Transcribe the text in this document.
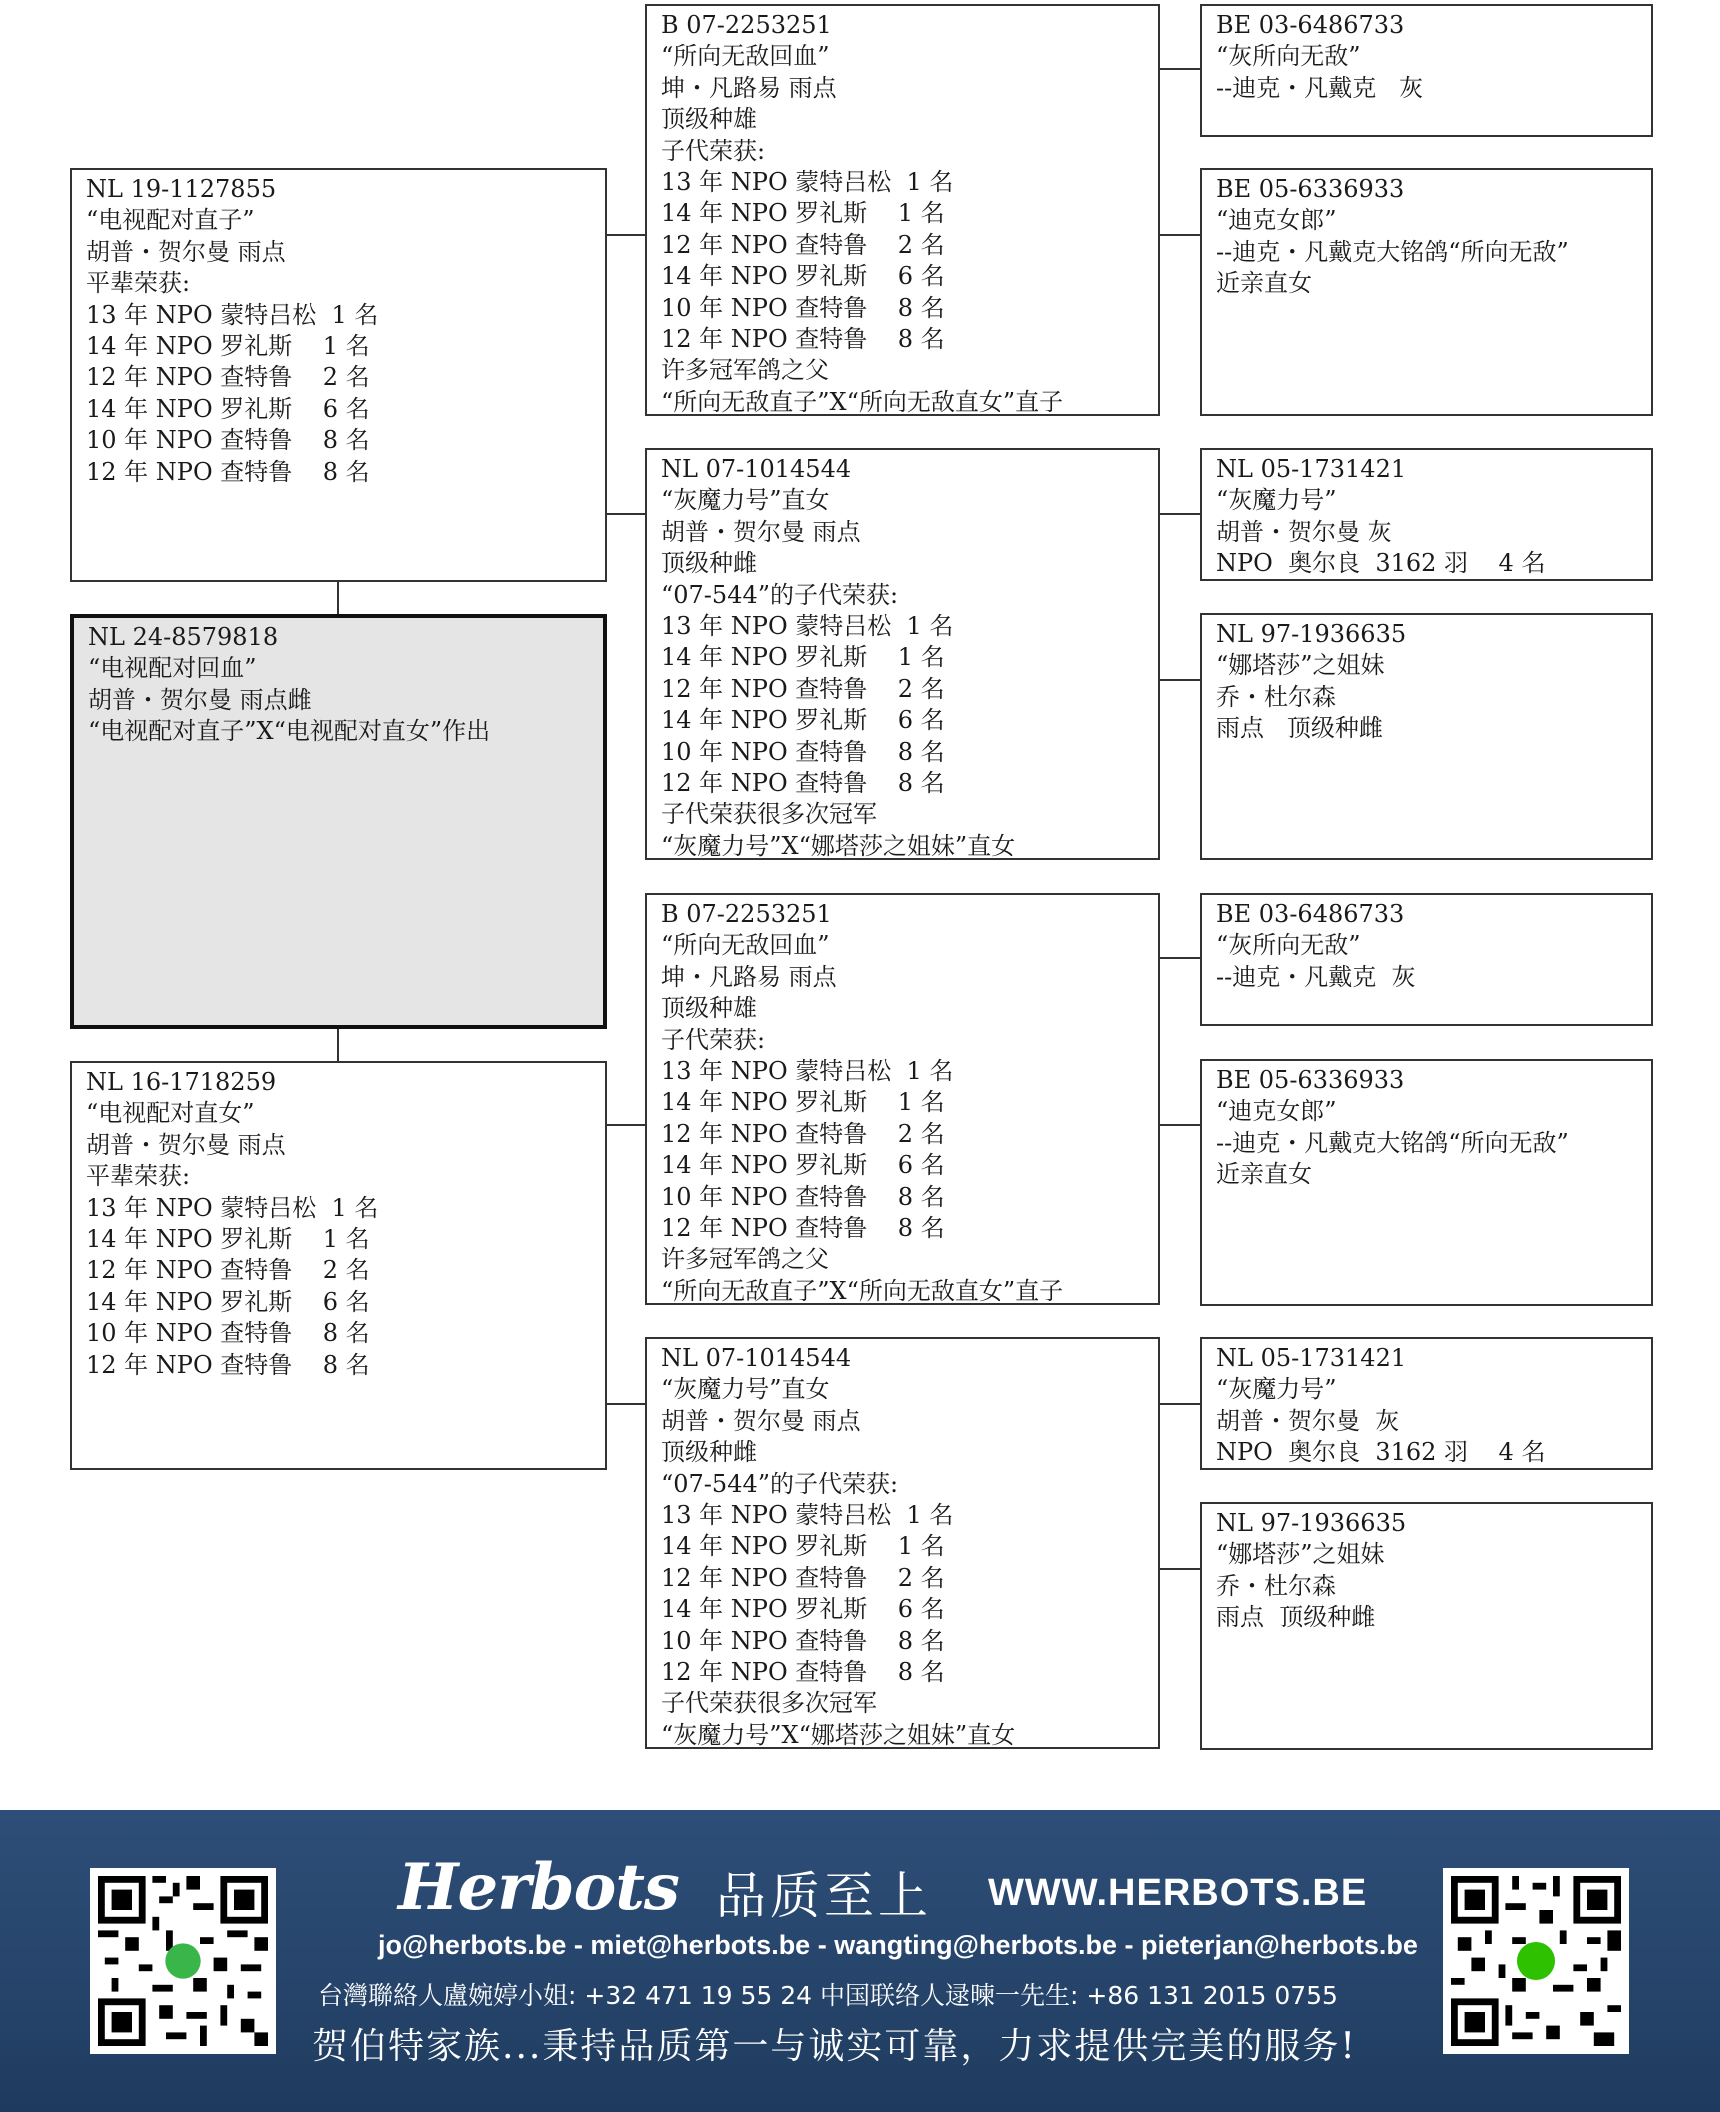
NL 24-8579818
“电视配对回血”
胡普・贺尔曼 雨点雌
“电视配对直子”X“电视配对直女”作出
NL 19-1127855
“电视配对直子”
胡普・贺尔曼 雨点
平辈荣获:
13 年 NPO 蒙特吕松  1 名
14 年 NPO 罗礼斯    1 名
12 年 NPO 查特鲁    2 名
14 年 NPO 罗礼斯    6 名
10 年 NPO 查特鲁    8 名
12 年 NPO 查特鲁    8 名
NL 16-1718259
“电视配对直女”
胡普・贺尔曼 雨点
平辈荣获:
13 年 NPO 蒙特吕松  1 名
14 年 NPO 罗礼斯    1 名
12 年 NPO 查特鲁    2 名
14 年 NPO 罗礼斯    6 名
10 年 NPO 查特鲁    8 名
12 年 NPO 查特鲁    8 名
B 07-2253251
“所向无敌回血”
坤・凡路易 雨点
顶级种雄
子代荣获:
13 年 NPO 蒙特吕松  1 名
14 年 NPO 罗礼斯    1 名
12 年 NPO 查特鲁    2 名
14 年 NPO 罗礼斯    6 名
10 年 NPO 查特鲁    8 名
12 年 NPO 查特鲁    8 名
许多冠军鸽之父
“所向无敌直子”X“所向无敌直女”直子
NL 07-1014544
“灰魔力号”直女
胡普・贺尔曼 雨点
顶级种雌
“07-544”的子代荣获:
13 年 NPO 蒙特吕松  1 名
14 年 NPO 罗礼斯    1 名
12 年 NPO 查特鲁    2 名
14 年 NPO 罗礼斯    6 名
10 年 NPO 查特鲁    8 名
12 年 NPO 查特鲁    8 名
子代荣获很多次冠军
“灰魔力号”X“娜塔莎之姐妹”直女
B 07-2253251
“所向无敌回血”
坤・凡路易 雨点
顶级种雄
子代荣获:
13 年 NPO 蒙特吕松  1 名
14 年 NPO 罗礼斯    1 名
12 年 NPO 查特鲁    2 名
14 年 NPO 罗礼斯    6 名
10 年 NPO 查特鲁    8 名
12 年 NPO 查特鲁    8 名
许多冠军鸽之父
“所向无敌直子”X“所向无敌直女”直子
NL 07-1014544
“灰魔力号”直女
胡普・贺尔曼 雨点
顶级种雌
“07-544”的子代荣获:
13 年 NPO 蒙特吕松  1 名
14 年 NPO 罗礼斯    1 名
12 年 NPO 查特鲁    2 名
14 年 NPO 罗礼斯    6 名
10 年 NPO 查特鲁    8 名
12 年 NPO 查特鲁    8 名
子代荣获很多次冠军
“灰魔力号”X“娜塔莎之姐妹”直女
BE 03-6486733
“灰所向无敌”
--迪克・凡戴克   灰
BE 05-6336933
“迪克女郎”
--迪克・凡戴克大铭鸽“所向无敌”
近亲直女
NL 05-1731421
“灰魔力号”
胡普・贺尔曼 灰
NPO  奥尔良  3162 羽    4 名
NL 97-1936635
“娜塔莎”之姐妹
乔・杜尔森
雨点   顶级种雌
BE 03-6486733
“灰所向无敌”
--迪克・凡戴克  灰
BE 05-6336933
“迪克女郎”
--迪克・凡戴克大铭鸽“所向无敌”
近亲直女
NL 05-1731421
“灰魔力号”
胡普・贺尔曼  灰
NPO  奥尔良  3162 羽    4 名
NL 97-1936635
“娜塔莎”之姐妹
乔・杜尔森
雨点  顶级种雌
Herbots 品质至上 WWW.HERBOTS.BE
jo@herbots.be - miet@herbots.be - wangting@herbots.be - pieterjan@herbots.be
台灣聯絡人盧婉婷小姐: +32 471 19 55 24 中国联络人逯暕一先生: +86 131 2015 0755
贺伯特家族...秉持品质第一与诚实可靠，力求提供完美的服务!
